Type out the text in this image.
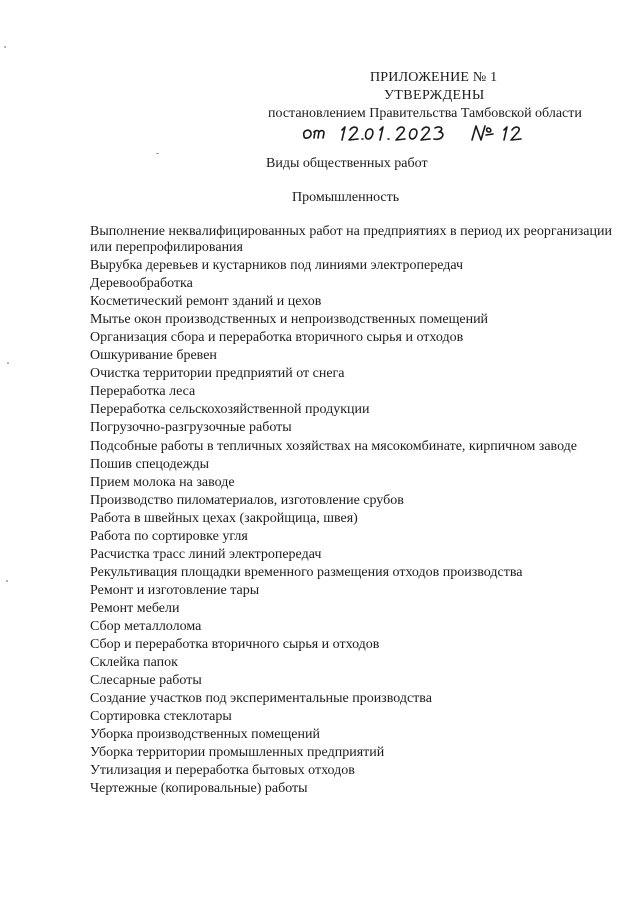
ПРИЛОЖЕНИЕ № 1
УТВЕРЖДЕНЫ
постановлением Правительства Тамбовской области
Виды общественных работ
Промышленность
Выполнение неквалифицированных работ на предприятиях в период их реорганизации или перепрофилирования
Вырубка деревьев и кустарников под линиями электропередач
Деревообработка
Косметический ремонт зданий и цехов
Мытье окон производственных и непроизводственных помещений
Организация сбора и переработка вторичного сырья и отходов
Ошкуривание бревен
Очистка территории предприятий от снега
Переработка леса
Переработка сельскохозяйственной продукции
Погрузочно-разгрузочные работы
Подсобные работы в тепличных хозяйствах на мясокомбинате, кирпичном заводе
Пошив спецодежды
Прием молока на заводе
Производство пиломатериалов, изготовление срубов
Работа в швейных цехах (закройщица, швея)
Работа по сортировке угля
Расчистка трасс линий электропередач
Рекультивация площадки временного размещения отходов производства
Ремонт и изготовление тары
Ремонт мебели
Сбор металлолома
Сбор и переработка вторичного сырья и отходов
Склейка папок
Слесарные работы
Создание участков под экспериментальные производства
Сортировка стеклотары
Уборка производственных помещений
Уборка территории промышленных предприятий
Утилизация и переработка бытовых отходов
Чертежные (копировальные) работы
